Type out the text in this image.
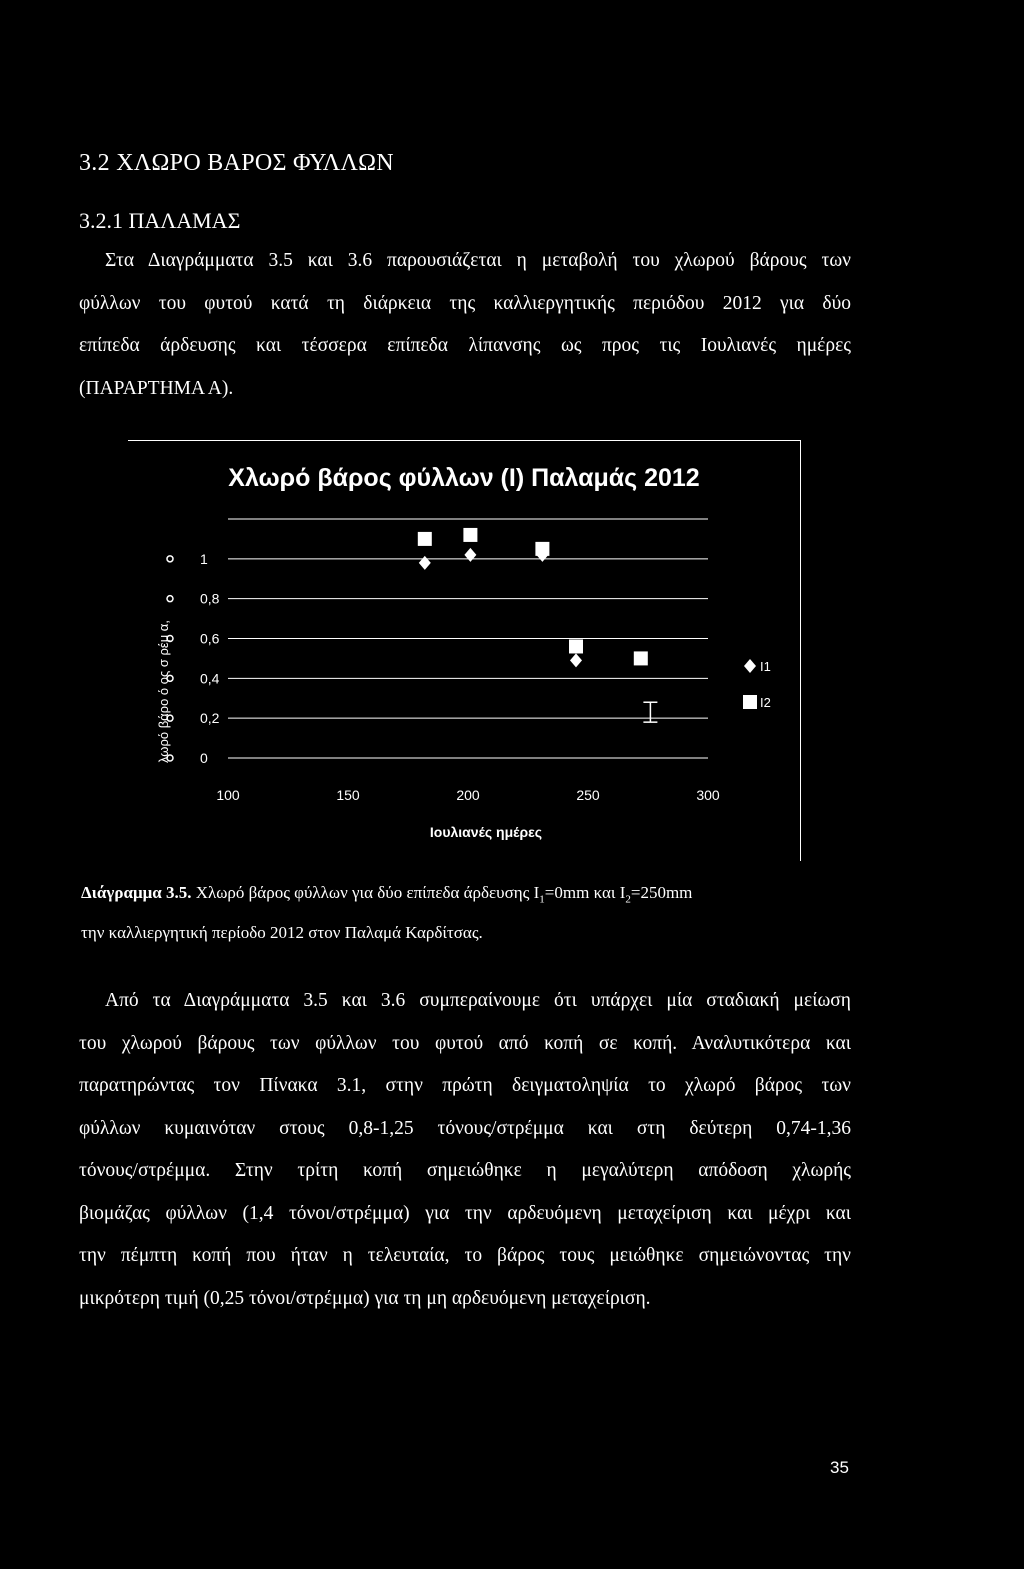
3.2 ΧΛΩΡΟ ΒΑΡΟΣ ΦΥΛΛΩΝ
3.2.1 ΠΑΛΑΜΑΣ
Στα Διαγράμματα 3.5 και 3.6 παρουσιάζεται η μεταβολή του χλωρού βάρους των
φύλλων του φυτού κατά τη διάρκεια της καλλιεργητικής περιόδου 2012 για δύο
επίπεδα άρδευσης και τέσσερα επίπεδα λίπανσης ως προς τις Ιουλιανές ημέρες
(ΠΑΡΑΡΤΗΜΑ Α).
Χλωρό βάρος φύλλων (Ι) Παλαμάς 2012
0
0,2
0,4
0,6
0,8
1
100	150	200	250	300
Ιουλιανές ημέρες
λωρό βάρο ό ος σ ρέμ α,	I1
I2
Διάγραμμα 3.5. Χλωρό βάρος φύλλων για δύο επίπεδα άρδευσης $I_1=0mm$ και $I_2=250mm$
την καλλιεργητική περίοδο 2012 στον Παλαμά Καρδίτσας.
Από τα Διαγράμματα 3.5 και 3.6 συμπεραίνουμε ότι υπάρχει μία σταδιακή μείωση
του χλωρού βάρους των φύλλων του φυτού από κοπή σε κοπή. Αναλυτικότερα και
παρατηρώντας τον Πίνακα 3.1, στην πρώτη δειγματοληψία το χλωρό βάρος των
φύλλων κυμαινόταν στους 0,8-1,25 τόνους/στρέμμα και στη δεύτερη 0,74-1,36
τόνους/στρέμμα. Στην τρίτη κοπή σημειώθηκε η μεγαλύτερη απόδοση χλωρής
βιομάζας φύλλων (1,4 τόνοι/στρέμμα) για την αρδευόμενη μεταχείριση και μέχρι και
την πέμπτη κοπή που ήταν η τελευταία, το βάρος τους μειώθηκε σημειώνοντας την
μικρότερη τιμή (0,25 τόνοι/στρέμμα) για τη μη αρδευόμενη μεταχείριση.
35
